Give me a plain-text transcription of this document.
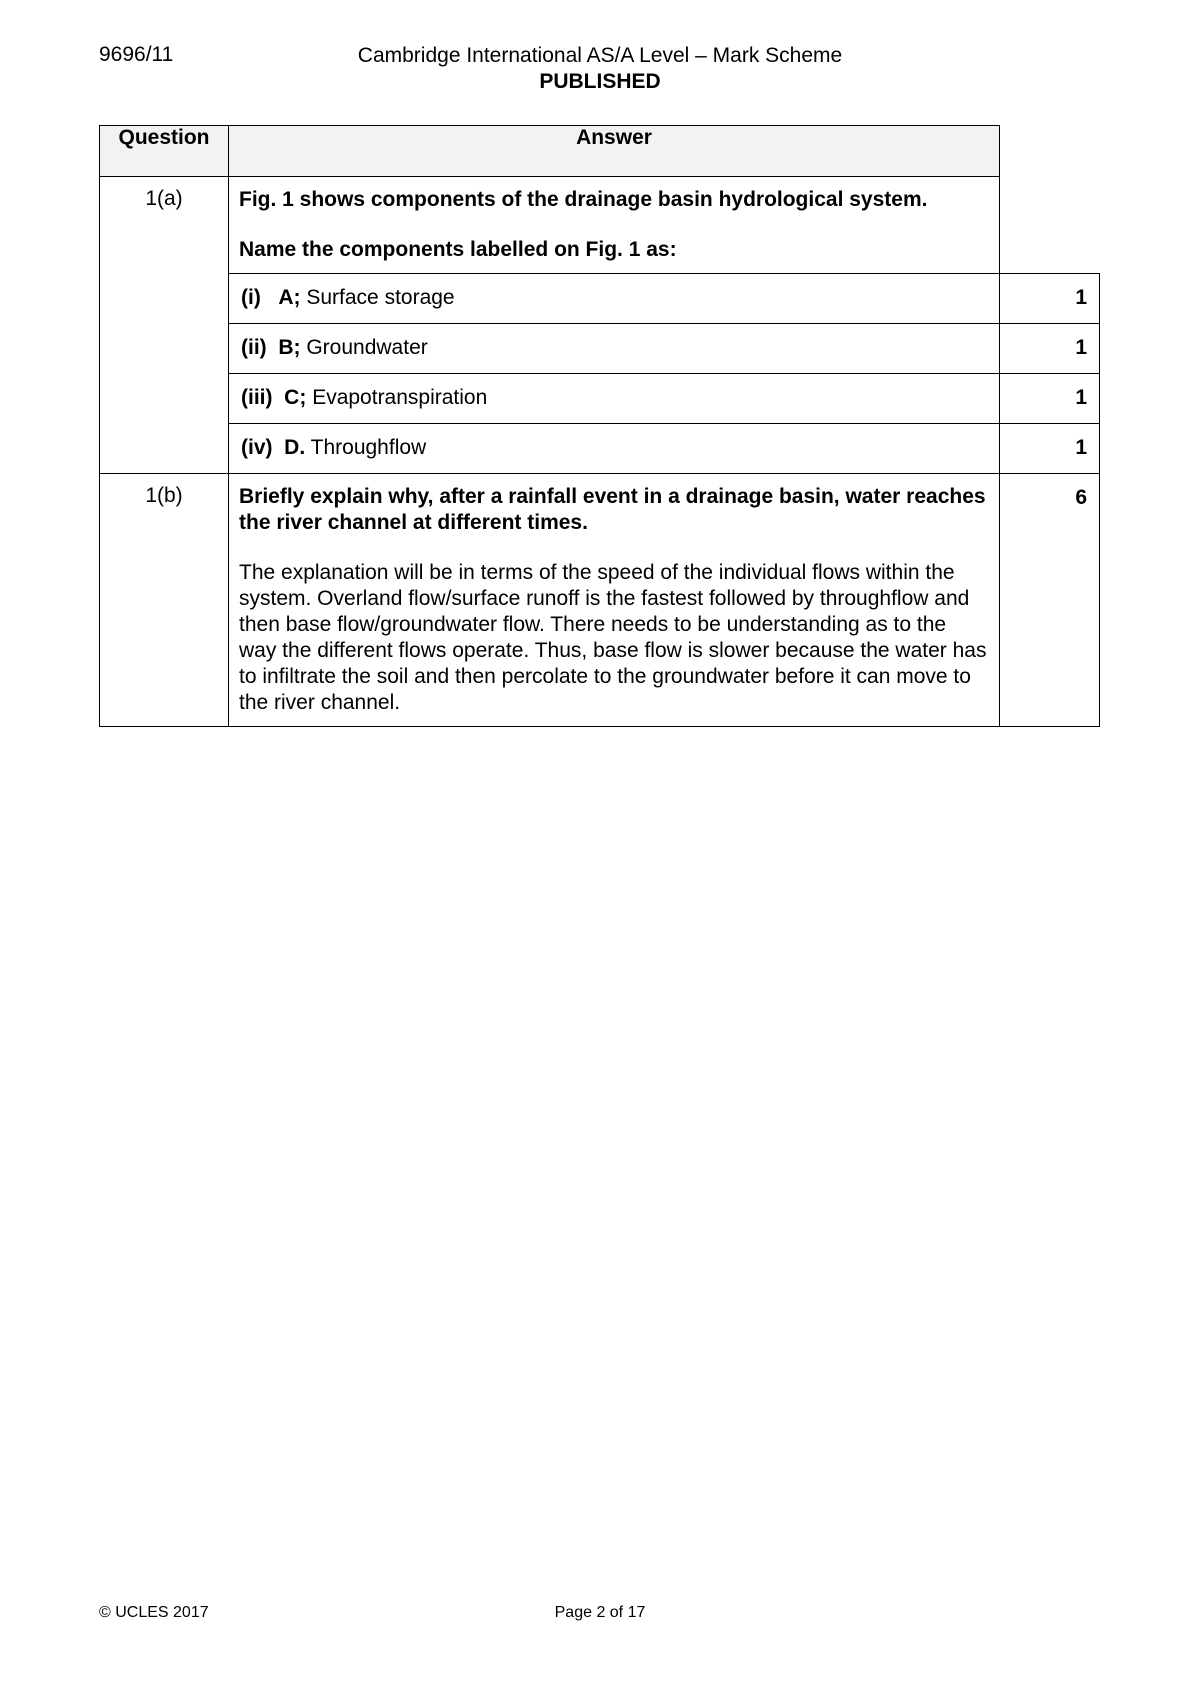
9696/11	Cambridge International AS/A Level – Mark Scheme
PUBLISHED
Question	Answer	
1(a)	Fig. 1 shows components of the drainage basin hydrological system.
Name the components labelled on Fig. 1 as:	

	(i) A; Surface storage	1
	(ii) B; Groundwater	1
	(iii) C; Evapotranspiration	1
	(iv) D. Throughflow	1
1(b)	Briefly explain why, after a rainfall event in a drainage basin, water reaches the river channel at different times.
The explanation will be in terms of the speed of the individual flows within the system. Overland flow/surface runoff is the fastest followed by throughflow and then base flow/groundwater flow. There needs to be understanding as to the way the different flows operate. Thus, base flow is slower because the water has to infiltrate the soil and then percolate to the groundwater before it can move to the river channel.	6
© UCLES 2017	Page 2 of 17
